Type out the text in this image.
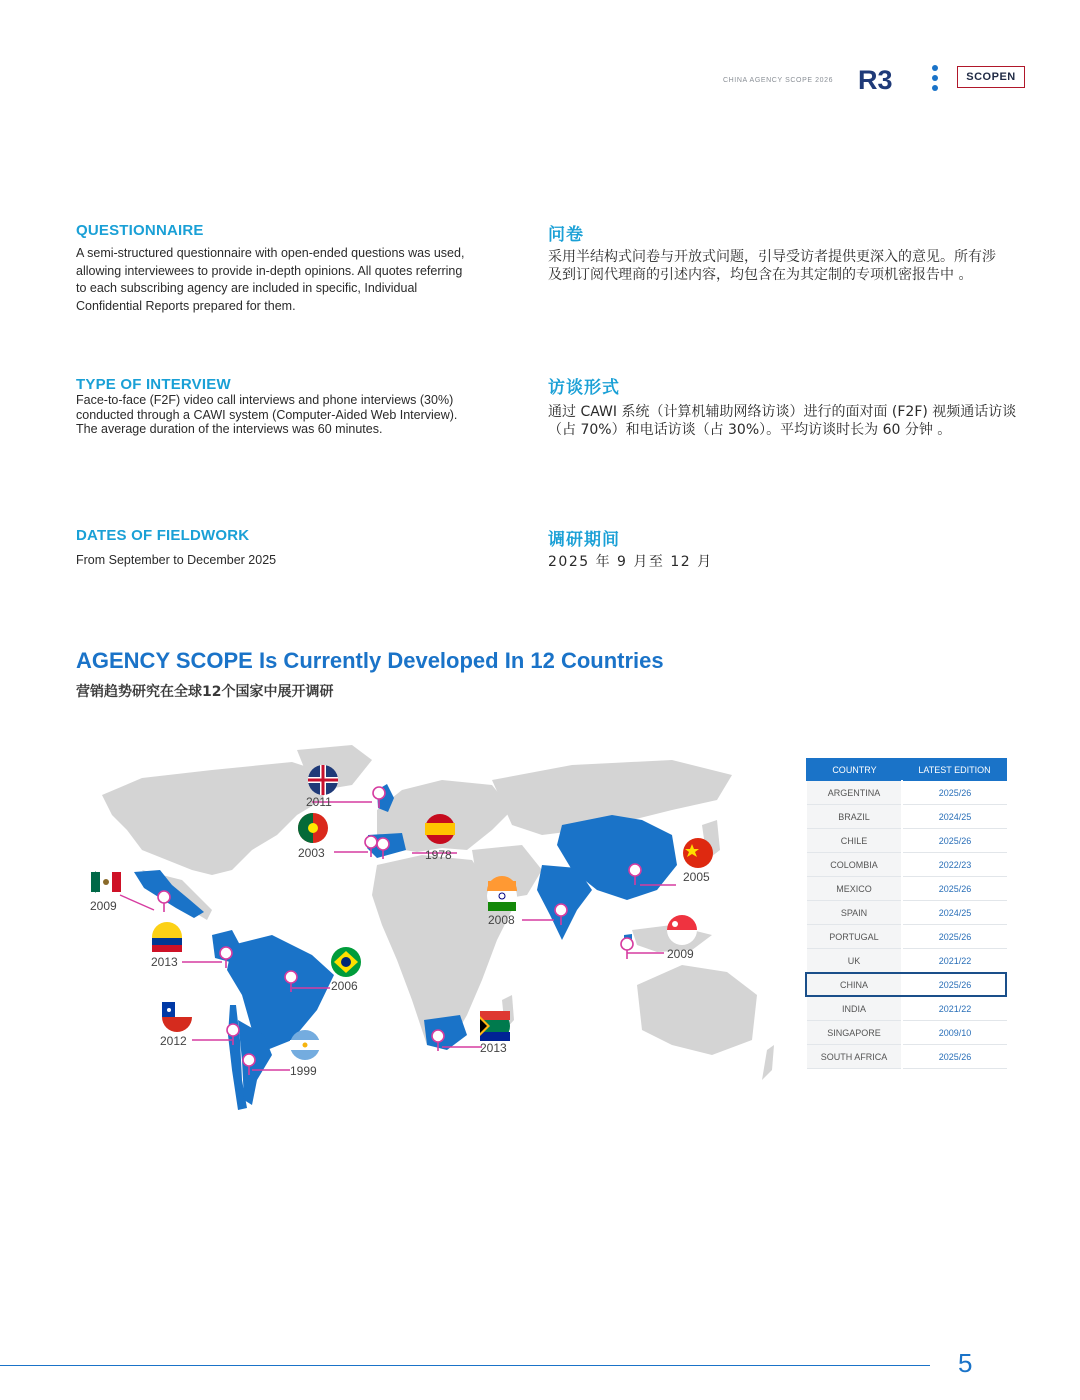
CHINA AGENCY SCOPE 2026 R3	SCOPEN
QUESTIONNAIRE
A semi-structured questionnaire with open-ended questions was used, allowing interviewees to provide in-depth opinions. All quotes referring to each subscribing agency are included in specific, Individual Confidential Reports prepared for them.
问卷
采用半结构式问卷与开放式问题，引导受访者提供更深入的意见。所有涉及到订阅代理商的引述内容，均包含在为其定制的专项机密报告中 。
TYPE OF INTERVIEW
Face-to-face (F2F) video call interviews and phone interviews (30%) conducted through a CAWI system (Computer-Aided Web Interview). The average duration of the interviews was 60 minutes.
访谈形式
通过 CAWI 系统（计算机辅助网络访谈）进行的面对面 (F2F) 视频通话访谈（占 70%）和电话访谈（占 30%）。平均访谈时长为 60 分钟 。
DATES OF FIELDWORK
From September to December 2025
调研期间
2025 年 9 月至 12 月
AGENCY SCOPE Is Currently Developed In 12 Countries
营销趋势研究在全球12个国家中展开调研
2011
2003	1978
2009
2013
2006
2012
1999
2008
2005
2009
2013
COUNTRY	LATEST EDITION
ARGENTINA	2025/26
BRAZIL	2024/25
CHILE	2025/26
COLOMBIA	2022/23
MEXICO	2025/26
SPAIN	2024/25
PORTUGAL	2025/26
UK	2021/22
CHINA	2025/26
INDIA	2021/22
SINGAPORE	2009/10
SOUTH AFRICA	2025/26
5
